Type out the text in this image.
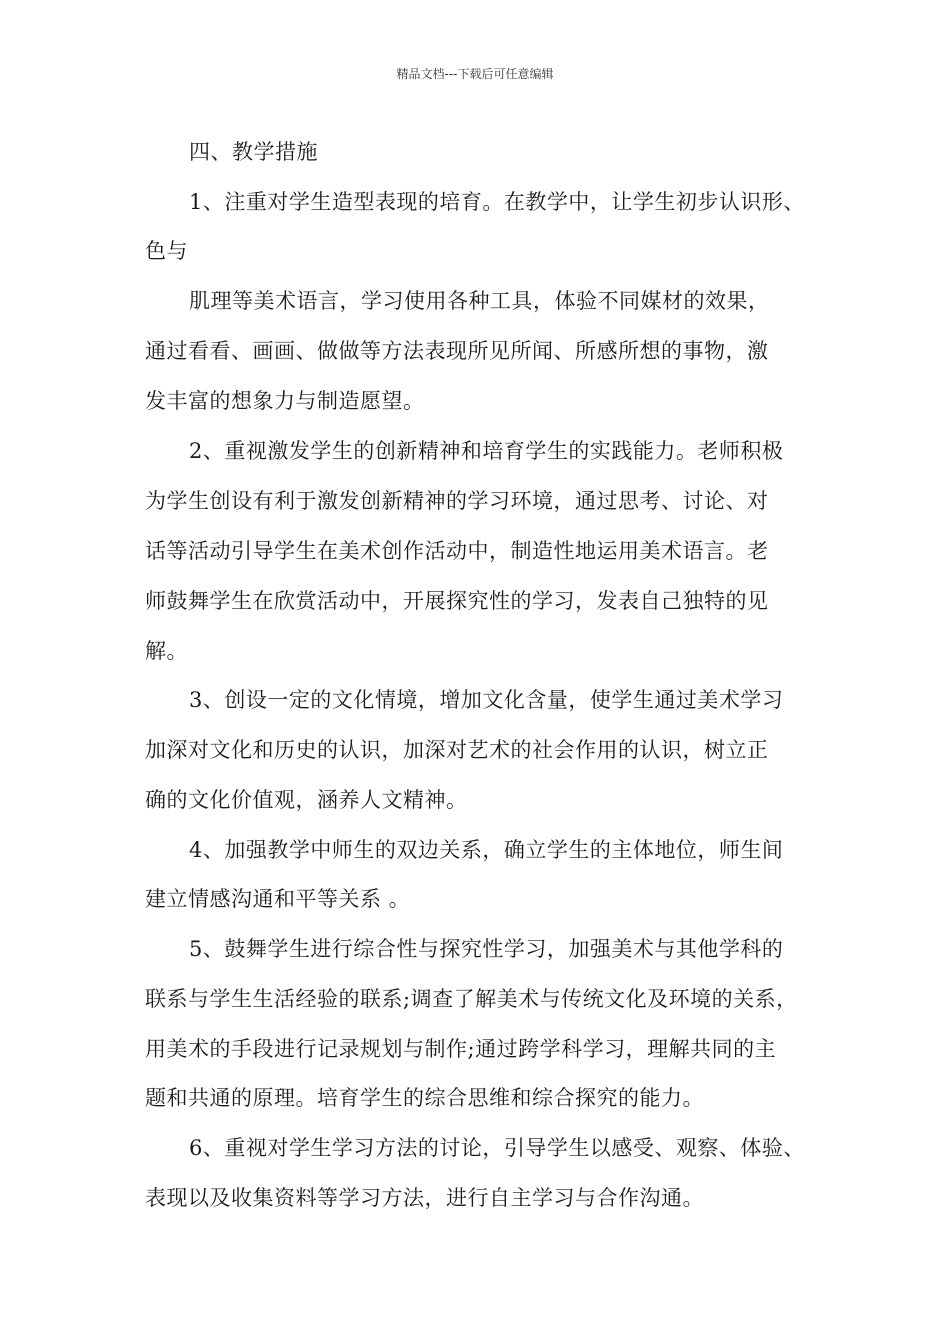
精品文档---下载后可任意编辑
四、教学措施
1、注重对学生造型表现的培育。在教学中，让学生初步认识形、
色与
肌理等美术语言，学习使用各种工具，体验不同媒材的效果，
通过看看、画画、做做等方法表现所见所闻、所感所想的事物，激
发丰富的想象力与制造愿望。
2、重视激发学生的创新精神和培育学生的实践能力。老师积极
为学生创设有利于激发创新精神的学习环境，通过思考、讨论、对
话等活动引导学生在美术创作活动中，制造性地运用美术语言。老
师鼓舞学生在欣赏活动中，开展探究性的学习，发表自己独特的见
解。
3、创设一定的文化情境，增加文化含量，使学生通过美术学习
加深对文化和历史的认识，加深对艺术的社会作用的认识，树立正
确的文化价值观，涵养人文精神。
4、加强教学中师生的双边关系，确立学生的主体地位，师生间
建立情感沟通和平等关系 。
5、鼓舞学生进行综合性与探究性学习，加强美术与其他学科的
联系与学生生活经验的联系;调查了解美术与传统文化及环境的关系，
用美术的手段进行记录规划与制作;通过跨学科学习，理解共同的主
题和共通的原理。培育学生的综合思维和综合探究的能力。
6、重视对学生学习方法的讨论，引导学生以感受、观察、体验、
表现以及收集资料等学习方法，进行自主学习与合作沟通。
